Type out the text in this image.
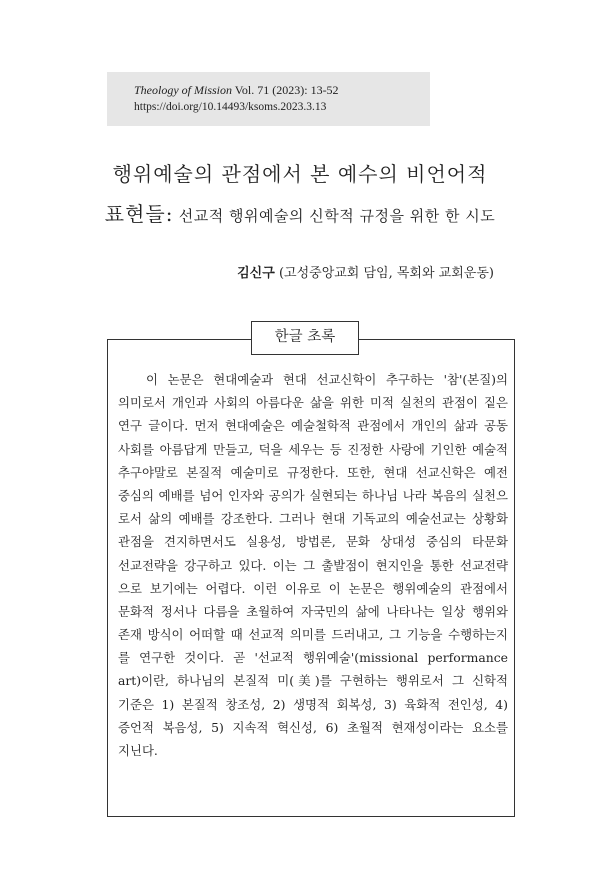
Theology of Mission Vol. 71 (2023): 13-52
https://doi.org/10.14493/ksoms.2023.3.13
행위예술의 관점에서 본 예수의 비언어적
표현들: 선교적 행위예술의 신학적 규정을 위한 한 시도
김신구 (고성중앙교회 담임, 목회와 교회운동)
한글 초록
이 논문은 현대예술과 현대 선교신학이 추구하는 '참'(본질)의
의미로서 개인과 사회의 아름다운 삶을 위한 미적 실천의 관점이 짙은
연구 글이다. 먼저 현대예술은 예술철학적 관점에서 개인의 삶과 공동
사회를 아름답게 만들고, 덕을 세우는 등 진정한 사랑에 기인한 예술적
추구야말로 본질적 예술미로 규정한다. 또한, 현대 선교신학은 예전
중심의 예배를 넘어 인자와 공의가 실현되는 하나님 나라 복음의 실천으
로서 삶의 예배를 강조한다. 그러나 현대 기독교의 예술선교는 상황화
관점을 견지하면서도 실용성, 방법론, 문화 상대성 중심의 타문화
선교전략을 강구하고 있다. 이는 그 출발점이 현지인을 통한 선교전략
으로 보기에는 어렵다. 이런 이유로 이 논문은 행위예술의 관점에서
문화적 정서나 다름을 초월하여 자국민의 삶에 나타나는 일상 행위와
존재 방식이 어떠할 때 선교적 의미를 드러내고, 그 기능을 수행하는지
를 연구한 것이다. 곧 '선교적 행위예술'(missional performance
art)이란, 하나님의 본질적 미(美)를 구현하는 행위로서 그 신학적
기준은 1) 본질적 창조성, 2) 생명적 회복성, 3) 육화적 전인성, 4)
증언적 복음성, 5) 지속적 혁신성, 6) 초월적 현재성이라는 요소를
지닌다.
